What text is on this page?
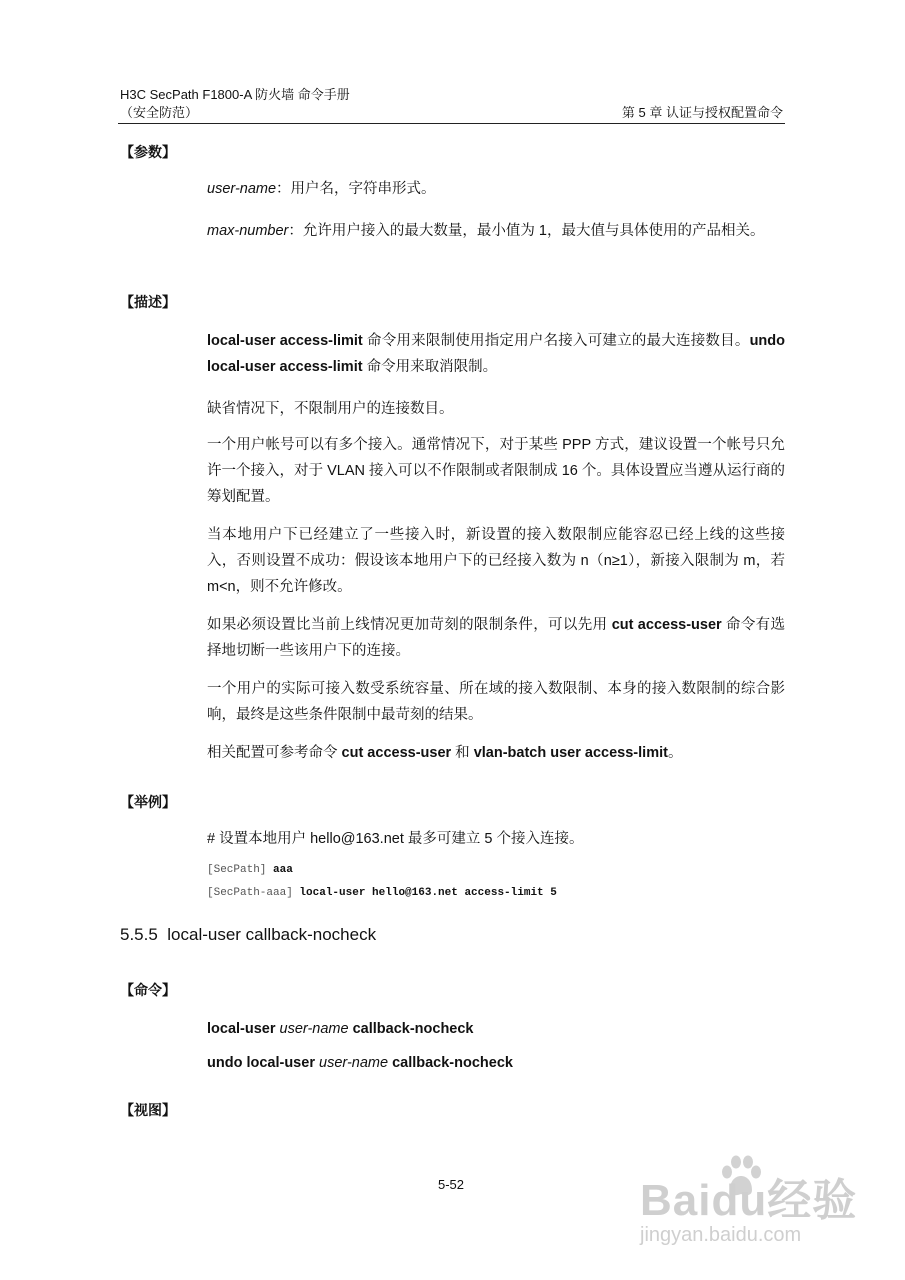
H3C SecPath F1800-A 防火墙 命令手册
（安全防范）	第 5 章 认证与授权配置命令
【参数】
user-name：用户名，字符串形式。
max-number：允许用户接入的最大数量，最小值为 1，最大值与具体使用的产品相关。
【描述】
local-user access-limit 命令用来限制使用指定用户名接入可建立的最大连接数目。undo local-user access-limit 命令用来取消限制。
缺省情况下，不限制用户的连接数目。
一个用户帐号可以有多个接入。通常情况下，对于某些 PPP 方式，建议设置一个帐号只允许一个接入，对于 VLAN 接入可以不作限制或者限制成 16 个。具体设置应当遵从运行商的筹划配置。
当本地用户下已经建立了一些接入时，新设置的接入数限制应能容忍已经上线的这些接入，否则设置不成功：假设该本地用户下的已经接入数为 n（n≥1），新接入限制为 m，若 m<n，则不允许修改。
如果必须设置比当前上线情况更加苛刻的限制条件，可以先用 cut access-user 命令有选择地切断一些该用户下的连接。
一个用户的实际可接入数受系统容量、所在域的接入数限制、本身的接入数限制的综合影响，最终是这些条件限制中最苛刻的结果。
相关配置可参考命令 cut access-user 和 vlan-batch user access-limit。
【举例】
# 设置本地用户 hello@163.net 最多可建立 5 个接入连接。
[SecPath] aaa
[SecPath-aaa] local-user hello@163.net access-limit 5
5.5.5 local-user callback-nocheck
【命令】
local-user user-name callback-nocheck
undo local-user user-name callback-nocheck
【视图】
5-52	Baidu经验
jingyan.baidu.com
